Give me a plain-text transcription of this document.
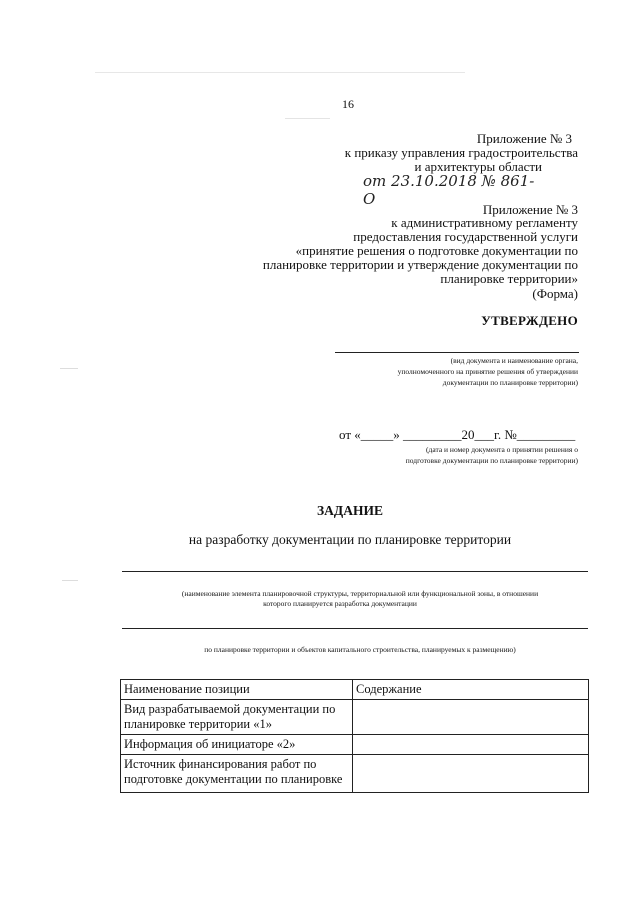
16
Приложение № 3
к приказу управления градостроительства
и архитектуры области
от 23.10.2018 № 861-О
Приложение № 3
к административному регламенту
предоставления государственной услуги
«принятие решения о подготовке документации по
планировке территории и утверждение документации по
планировке территории»
(Форма)
УТВЕРЖДЕНО
(вид документа и наименование органа,
уполномоченного на принятие решения об утверждении
документации по планировке территории)
от «_____» _________20___г. №_________
(дата и номер документа о принятии решения о
подготовке документации по планировке территории)
ЗАДАНИЕ
на разработку документации по планировке территории
(наименование элемента планировочной структуры, территориальной или функциональной зоны, в отношении
которого планируется разработка документации
по планировке территории и объектов капитального строительства, планируемых к размещению)
Наименование позиции	Содержание
Вид разрабатываемой документации по планировке территории «1»	
Информация об инициаторе «2»	
Источник финансирования работ по подготовке документации по планировке	
